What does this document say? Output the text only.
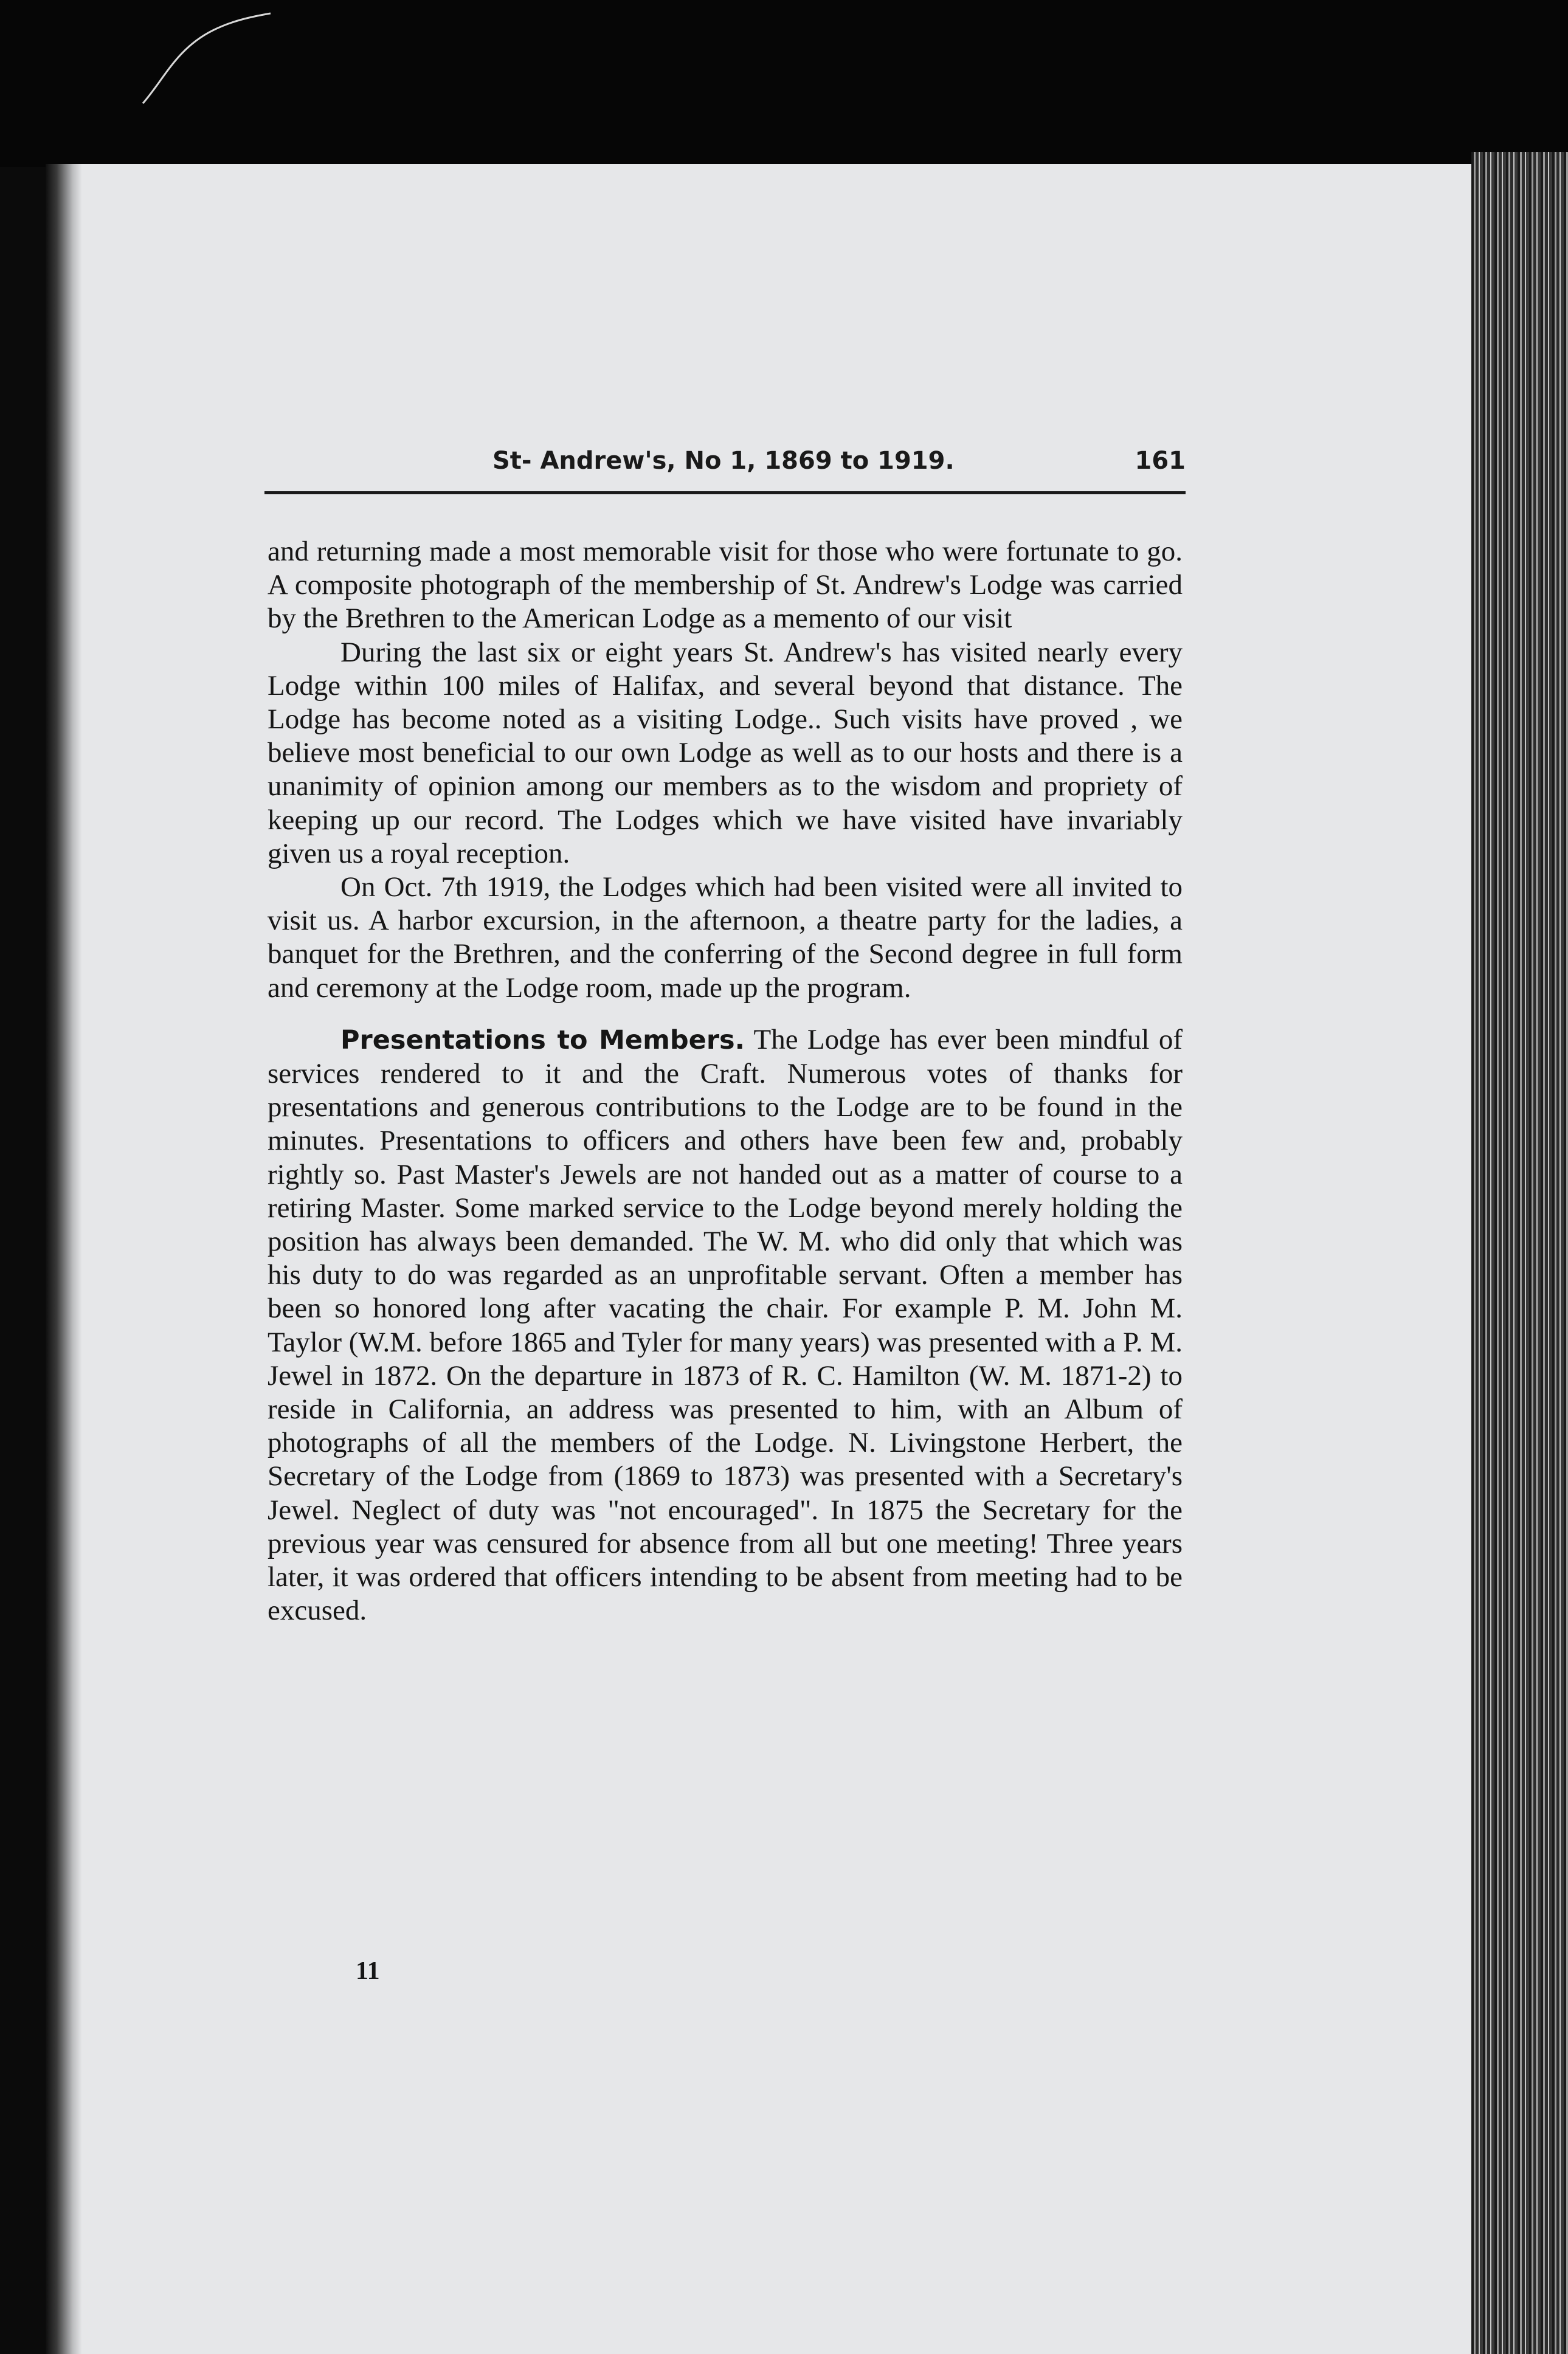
St- Andrew's, No 1, 1869 to 1919.	161

and returning made a most memorable visit for those who were fortunate to go. A composite photograph of the membership of St. Andrew's Lodge was carried by the Brethren to the American Lodge as a memento of our visit

During the last six or eight years St. Andrew's has visited nearly every Lodge within 100 miles of Halifax, and several beyond that distance. The Lodge has become noted as a visiting Lodge.. Such visits have proved , we believe most beneficial to our own Lodge as well as to our hosts and there is a unanimity of opinion among our members as to the wisdom and propriety of keeping up our record. The Lodges which we have visited have invariably given us a royal reception.

On Oct. 7th 1919, the Lodges which had been visited were all invited to visit us. A harbor excursion, in the afternoon, a theatre party for the ladies, a banquet for the Brethren, and the conferring of the Second degree in full form and ceremony at the Lodge room, made up the program.

Presentations to Members. The Lodge has ever been mindful of services rendered to it and the Craft. Numerous votes of thanks for presentations and generous contributions to the Lodge are to be found in the minutes. Presentations to officers and others have been few and, probably rightly so. Past Master's Jewels are not handed out as a matter of course to a retiring Master. Some marked service to the Lodge beyond merely holding the position has always been demanded. The W. M. who did only that which was his duty to do was regarded as an unprofitable servant. Often a member has been so honored long after vacating the chair. For example P. M. John M. Taylor (W.M. before 1865 and Tyler for many years) was presented with a P. M. Jewel in 1872. On the departure in 1873 of R. C. Hamilton (W. M. 1871-2) to reside in California, an address was presented to him, with an Album of photographs of all the members of the Lodge. N. Livingstone Herbert, the Secretary of the Lodge from (1869 to 1873) was presented with a Secretary's Jewel. Neglect of duty was "not encouraged". In 1875 the Secretary for the previous year was censured for absence from all but one meeting! Three years later, it was ordered that officers intending to be absent from meeting had to be excused.

11
